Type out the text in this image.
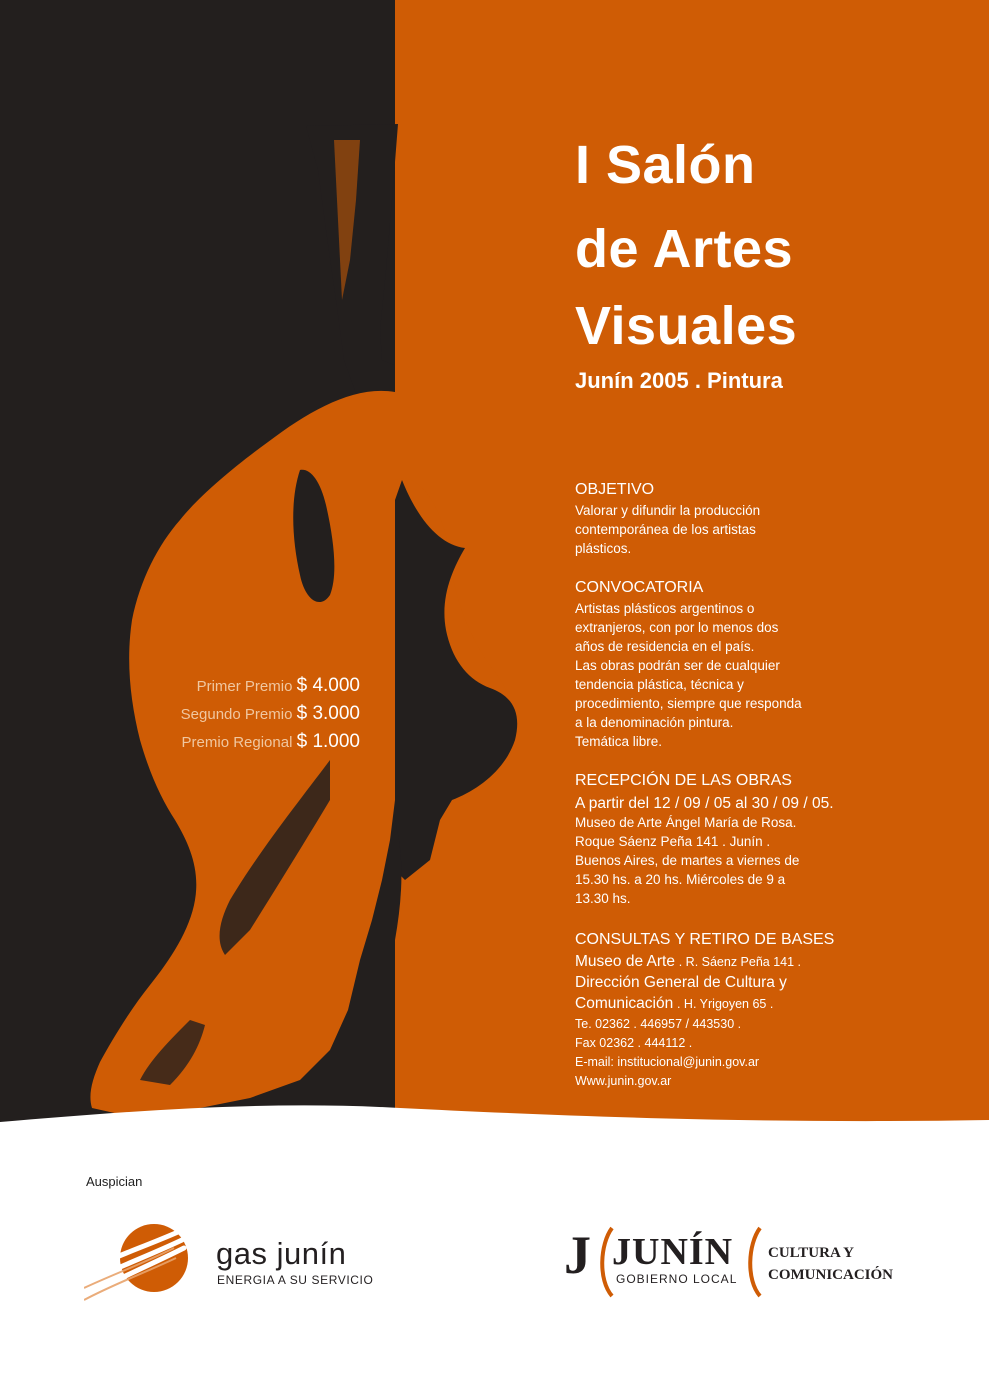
I Salón
de Artes
Visuales
Junín 2005 . Pintura
Primer Premio $ 4.000
Segundo Premio $ 3.000
Premio Regional $ 1.000
OBJETIVO
Valorar y difundir la producción
contemporánea de los artistas
plásticos.
CONVOCATORIA
Artistas plásticos argentinos o
extranjeros, con por lo menos dos
años de residencia en el país.
Las obras podrán ser de cualquier
tendencia plástica, técnica y
procedimiento, siempre que responda
a la denominación pintura.
Temática libre.
RECEPCIÓN DE LAS OBRAS
A partir del 12 / 09 / 05 al 30 / 09 / 05.
Museo de Arte Ángel María de Rosa.
Roque Sáenz Peña 141 . Junín .
Buenos Aires, de martes a viernes de
15.30 hs. a 20 hs. Miércoles de 9 a
13.30 hs.
CONSULTAS Y RETIRO DE BASES
Museo de Arte . R. Sáenz Peña 141 .
Dirección General de Cultura y
Comunicación . H. Yrigoyen 65 .
Te. 02362 . 446957 / 443530 .
Fax 02362 . 444112 .
E-mail: institucional@junin.gov.ar
Www.junin.gov.ar
Auspician
gas junín
ENERGIA A SU SERVICIO	J JUNÍN
GOBIERNO LOCAL
CULTURA Y
COMUNICACIÓN
